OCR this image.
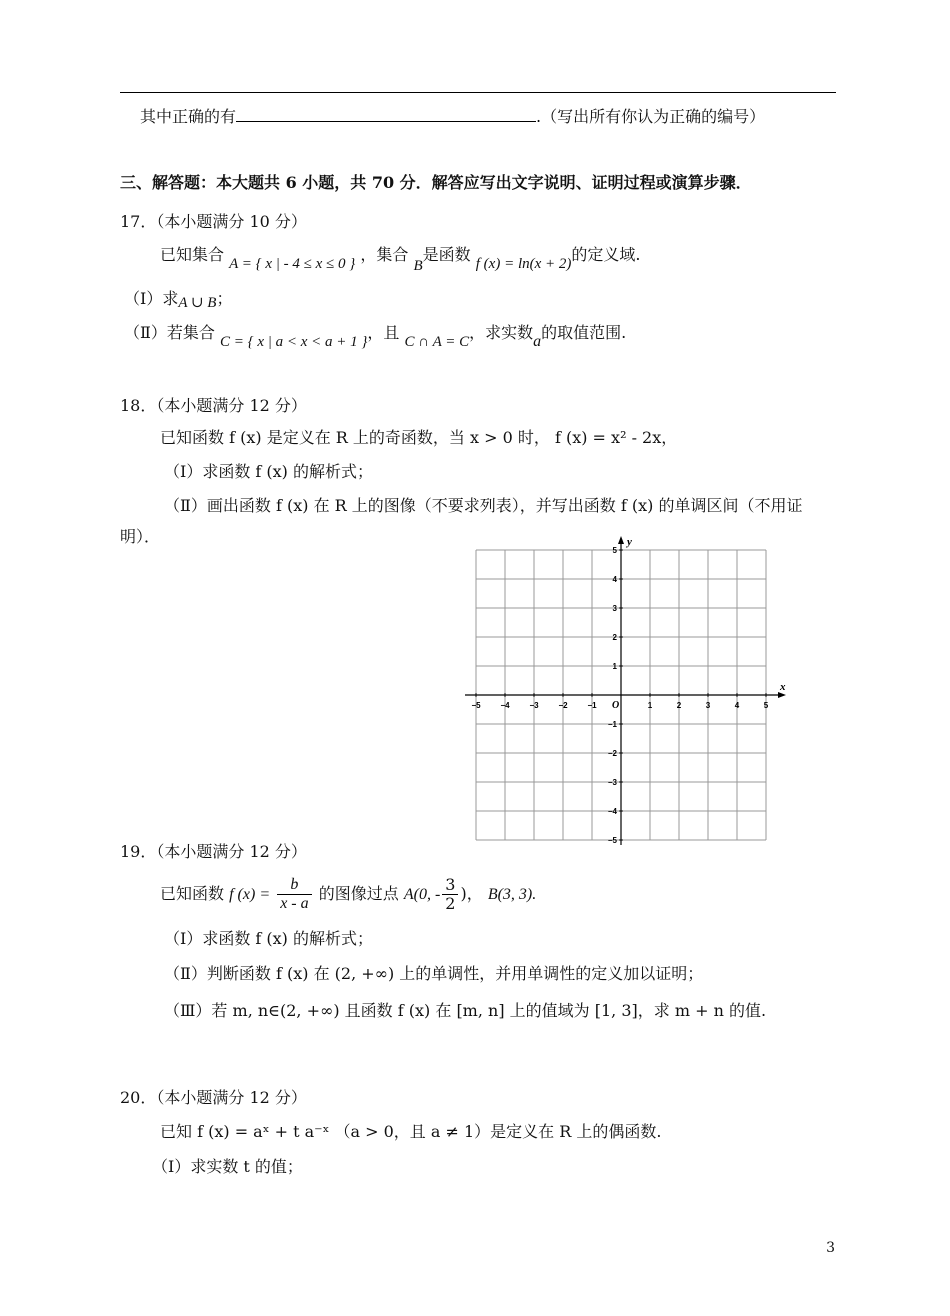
其中正确的有	.（写出所有你认为正确的编号）
三、解答题：本大题共 6 小题，共 70 分．解答应写出文字说明、证明过程或演算步骤．
17．（本小题满分 10 分）
已知集合 A = { x | - 4 ≤ x ≤ 0 } ，集合 B是函数 f (x) = ln(x + 2)的定义域.
（Ⅰ）求A ∪ B；
（Ⅱ）若集合 C = { x | a < x < a + 1 }，且 C ∩ A = C，求实数a的取值范围.
18．（本小题满分 12 分）
已知函数 f (x) 是定义在 R 上的奇函数，当 x > 0 时， f (x) = x² - 2x，
（Ⅰ）求函数 f (x) 的解析式；
（Ⅱ）画出函数 f (x) 在 R 上的图像（不要求列表），并写出函数 f (x) 的单调区间（不用证
明）．
x
y
O
−5 −4 −3 −2 −1	1	2	3	4	5
5
4
3
2
1
−1
−2
−3
−4
−5
19．（本小题满分 12 分）
已知函数 f $(x) = \frac{b}{x - a}$ 的图像过点 A(0, - $\frac{3}{2}$ )， B(3, 3).
（Ⅰ）求函数 f (x) 的解析式；
（Ⅱ）判断函数 f (x) 在 (2, +∞) 上的单调性，并用单调性的定义加以证明；
（Ⅲ）若 m, n∈(2, +∞) 且函数 f (x) 在 [m, n] 上的值域为 [1, 3]，求 m + n 的值.
20．（本小题满分 12 分）
已知 f (x) = aˣ + t a⁻ˣ （a > 0，且 a ≠ 1）是定义在 R 上的偶函数.
（Ⅰ）求实数 t 的值；
3
